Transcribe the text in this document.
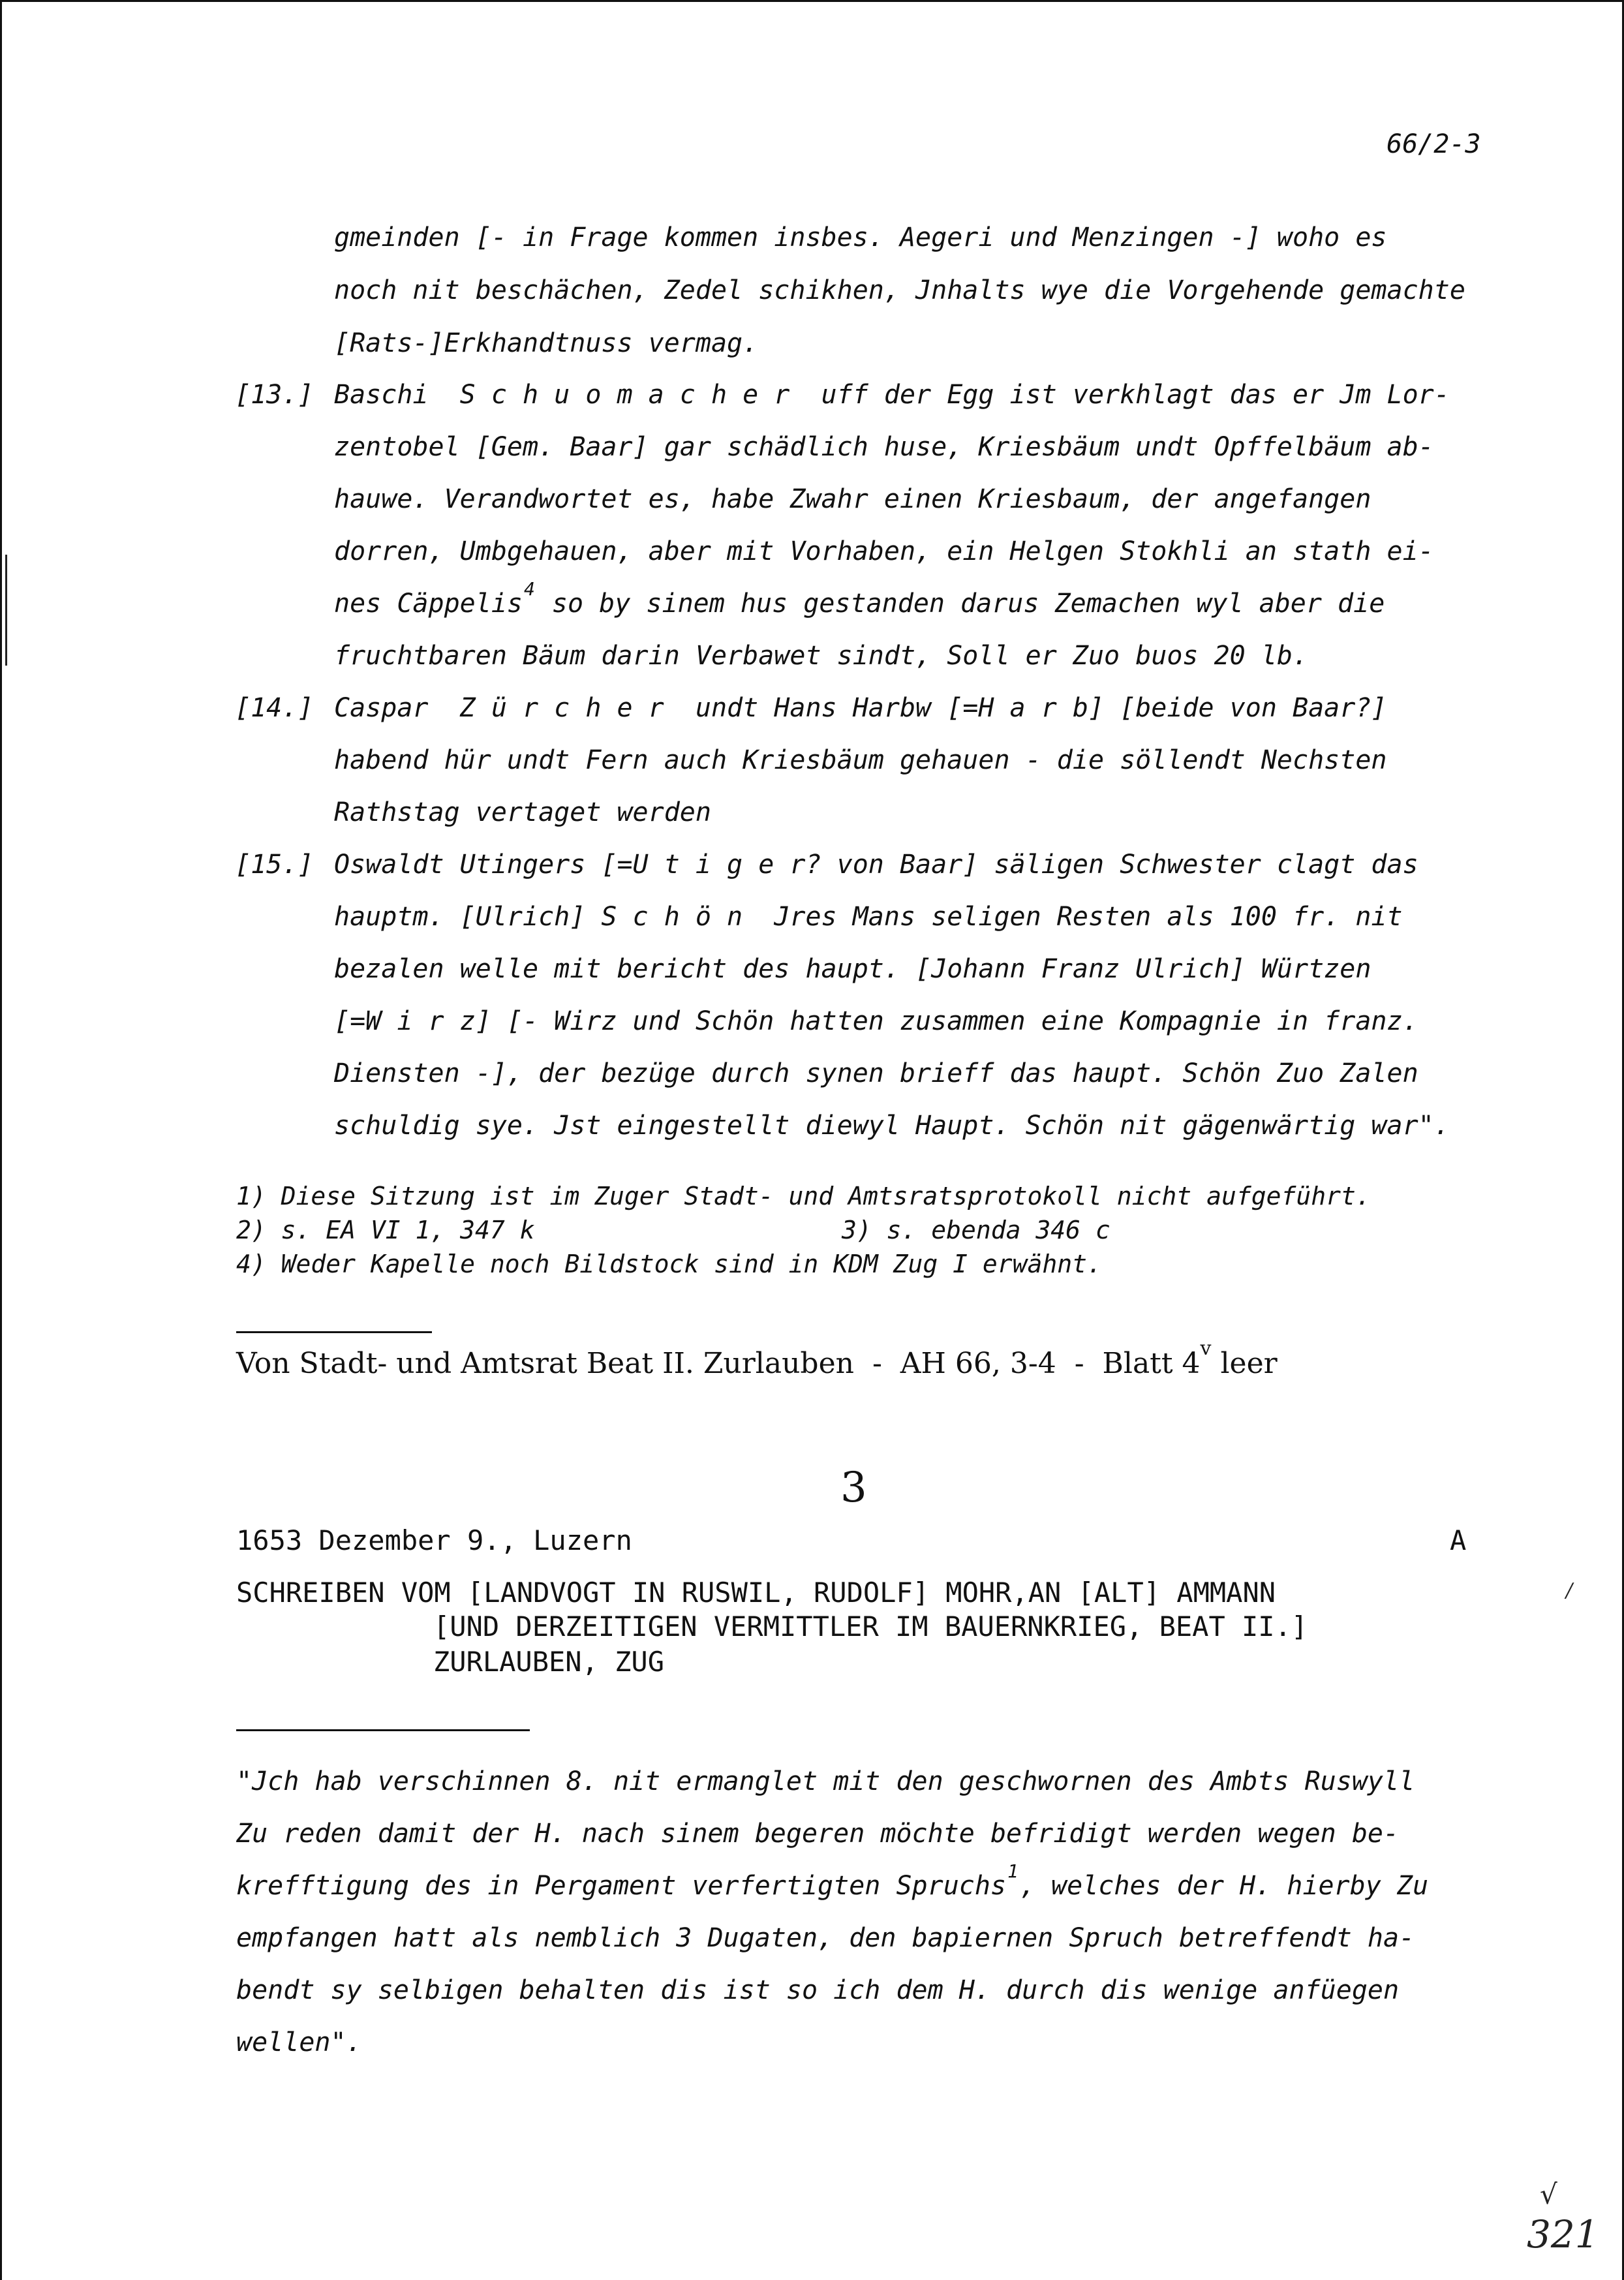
66/2-3
gmeinden [- in Frage kommen insbes. Aegeri und Menzingen -] woho es
noch nit beschächen, Zedel schikhen, Jnhalts wye die Vorgehende gemachte
[Rats-]Erkhandtnuss vermag.
[13.] Baschi  S c h u o m a c h e r  uff der Egg ist verkhlagt das er Jm Lor-
zentobel [Gem. Baar] gar schädlich huse, Kriesbäum undt Opffelbäum ab-
hauwe. Verandwortet es, habe Zwahr einen Kriesbaum, der angefangen
dorren, Umbgehauen, aber mit Vorhaben, ein Helgen Stokhli an stath ei-
nes Cäppelis$^4$ so by sinem hus gestanden darus Zemachen wyl aber die
fruchtbaren Bäum darin Verbawet sindt, Soll er Zuo buos 20 lb.
[14.] Caspar  Z ü r c h e r  undt Hans Harbw [=H a r b] [beide von Baar?]
habend hür undt Fern auch Kriesbäum gehauen - die söllendt Nechsten
Rathstag vertaget werden
[15.] Oswaldt Utingers [=U t i g e r? von Baar] säligen Schwester clagt das
hauptm. [Ulrich] S c h ö n  Jres Mans seligen Resten als 100 fr. nit
bezalen welle mit bericht des haupt. [Johann Franz Ulrich] Würtzen
[=W i r z] [- Wirz und Schön hatten zusammen eine Kompagnie in franz.
Diensten -], der bezüge durch synen brieff das haupt. Schön Zuo Zalen
schuldig sye. Jst eingestellt diewyl Haupt. Schön nit gägenwärtig war".
1) Diese Sitzung ist im Zuger Stadt- und Amtsratsprotokoll nicht aufgeführt.
2) s. EA VI 1, 347 k	3) s. ebenda 346 c
4) Weder Kapelle noch Bildstock sind in KDM Zug I erwähnt.
Von Stadt- und Amtsrat Beat II. Zurlauben  -  AH 66, 3-4  -  Blatt 4$^v$ leer
3
1653 Dezember 9., Luzern	A
SCHREIBEN VOM [LANDVOGT IN RUSWIL, RUDOLF] MOHR,AN [ALT] AMMANN
[UND DERZEITIGEN VERMITTLER IM BAUERNKRIEG, BEAT II.]
ZURLAUBEN, ZUG
"Jch hab verschinnen 8. nit ermanglet mit den geschwornen des Ambts Ruswyll
Zu reden damit der H. nach sinem begeren möchte befridigt werden wegen be-
krefftigung des in Pergament verfertigten Spruchs$^1$, welches der H. hierby Zu
empfangen hatt als nemblich 3 Dugaten, den bapiernen Spruch betreffendt ha-
bendt sy selbigen behalten dis ist so ich dem H. durch dis wenige anfüegen
wellen".
/
√
321
